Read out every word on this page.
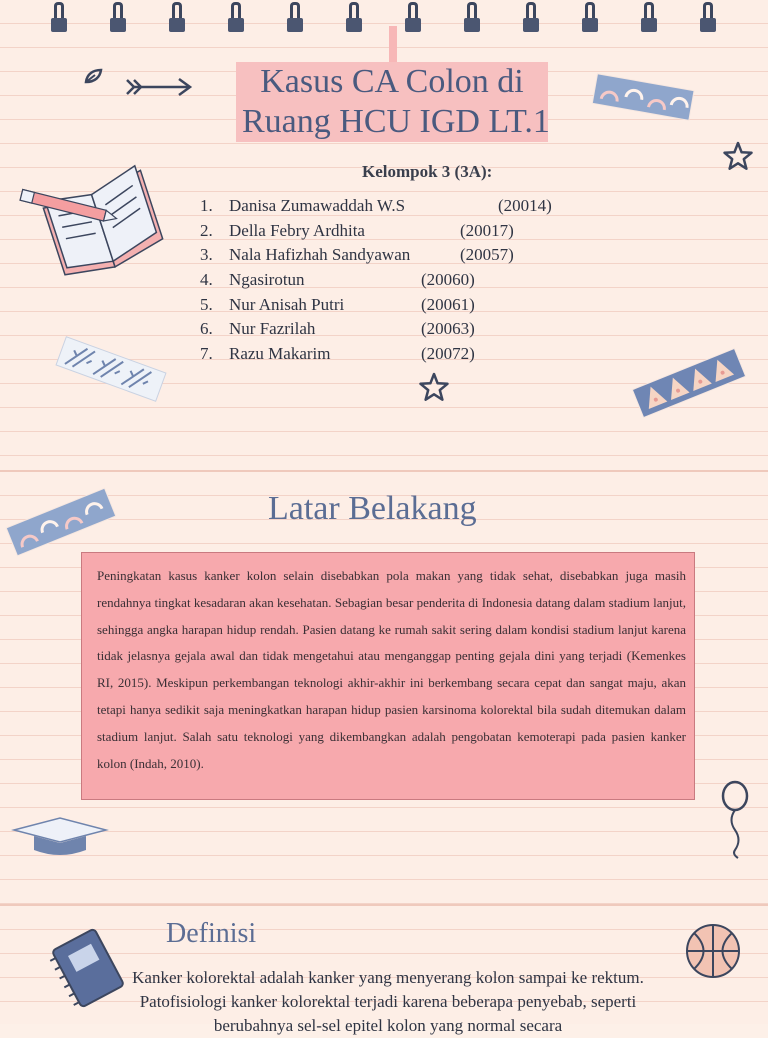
Kasus CA Colon di
Ruang HCU IGD LT.1
Kelompok 3 (3A):
1. Danisa Zumawaddah W.S	(20014)
2. Della Febry Ardhita	(20017)
3. Nala Hafizhah Sandyawan	(20057)
4. Ngasirotun	(20060)
5. Nur Anisah Putri	(20061)
6. Nur Fazrilah	(20063)
7. Razu Makarim	(20072)
Latar Belakang

Peningkatan kasus kanker kolon selain disebabkan pola makan yang tidak sehat, disebabkan juga masih rendahnya tingkat kesadaran akan kesehatan. Sebagian besar penderita di Indonesia datang dalam stadium lanjut, sehingga angka harapan hidup rendah. Pasien datang ke rumah sakit sering dalam kondisi stadium lanjut karena tidak jelasnya gejala awal dan tidak mengetahui atau menganggap penting gejala dini yang terjadi (Kemenkes RI, 2015). Meskipun perkembangan teknologi akhir-akhir ini berkembang secara cepat dan sangat maju, akan tetapi hanya sedikit saja meningkatkan harapan hidup pasien karsinoma kolorektal bila sudah ditemukan dalam stadium lanjut. Salah satu teknologi yang dikembangkan adalah pengobatan kemoterapi pada pasien kanker kolon (Indah, 2010).

Definisi

Kanker kolorektal adalah kanker yang menyerang kolon sampai ke rektum. Patofisiologi kanker kolorektal terjadi karena beberapa penyebab, seperti berubahnya sel-sel epitel kolon yang normal secara
